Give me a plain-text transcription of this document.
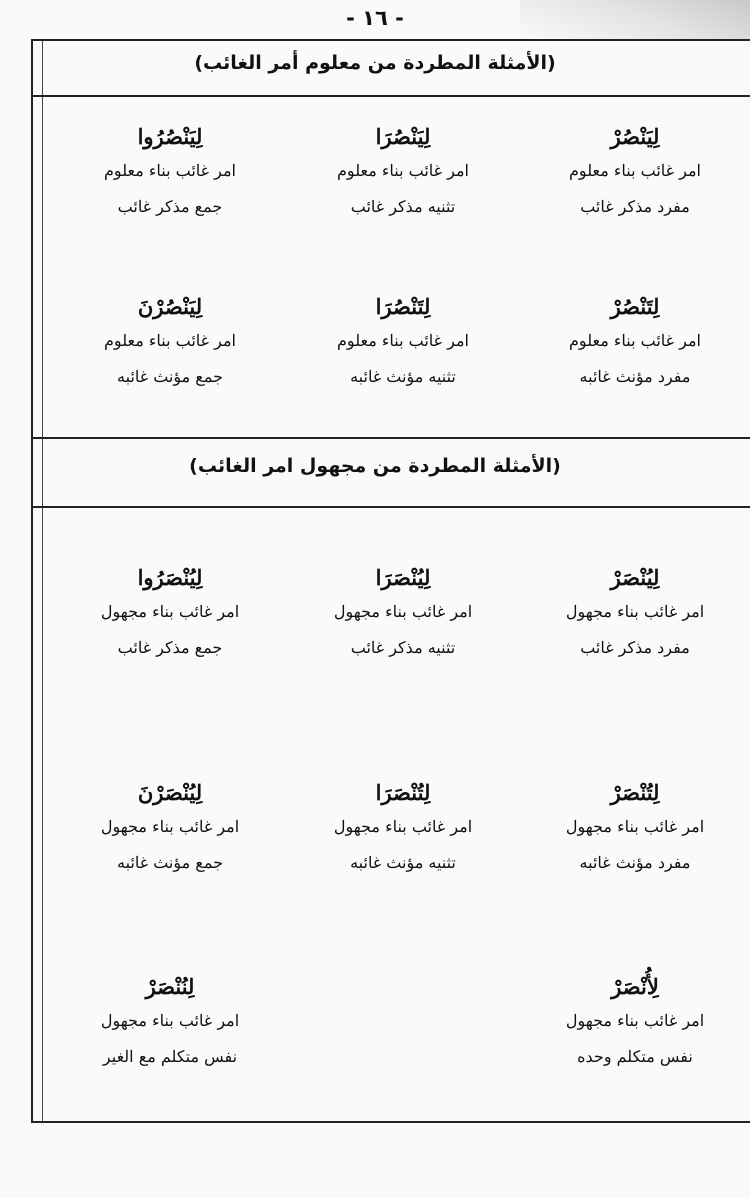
- ١٦ -
(الأمثلة المطردة من معلوم أمر الغائب)
لِيَنْصُرْ
امر غائب بناء معلوم
مفرد مذكر غائب
لِيَنْصُرَا
امر غائب بناء معلوم
تثنيه مذكر غائب
لِيَنْصُرُوا
امر غائب بناء معلوم
جمع مذكر غائب
لِتَنْصُرْ
امر غائب بناء معلوم
مفرد مؤنث غائبه
لِتَنْصُرَا
امر غائب بناء معلوم
تثنيه مؤنث غائبه
لِيَنْصُرْنَ
امر غائب بناء معلوم
جمع مؤنث غائبه
(الأمثلة المطردة من مجهول امر الغائب)
لِيُنْصَرْ
امر غائب بناء مجهول
مفرد مذكر غائب
لِيُنْصَرَا
امر غائب بناء مجهول
تثنيه مذكر غائب
لِيُنْصَرُوا
امر غائب بناء مجهول
جمع مذكر غائب
لِتُنْصَرْ
امر غائب بناء مجهول
مفرد مؤنث غائبه
لِتُنْصَرَا
امر غائب بناء مجهول
تثنيه مؤنث غائبه
لِيُنْصَرْنَ
امر غائب بناء مجهول
جمع مؤنث غائبه
لِأُنْصَرْ
امر غائب بناء مجهول
نفس متكلم وحده
لِنُنْصَرْ
امر غائب بناء مجهول
نفس متكلم مع الغير
